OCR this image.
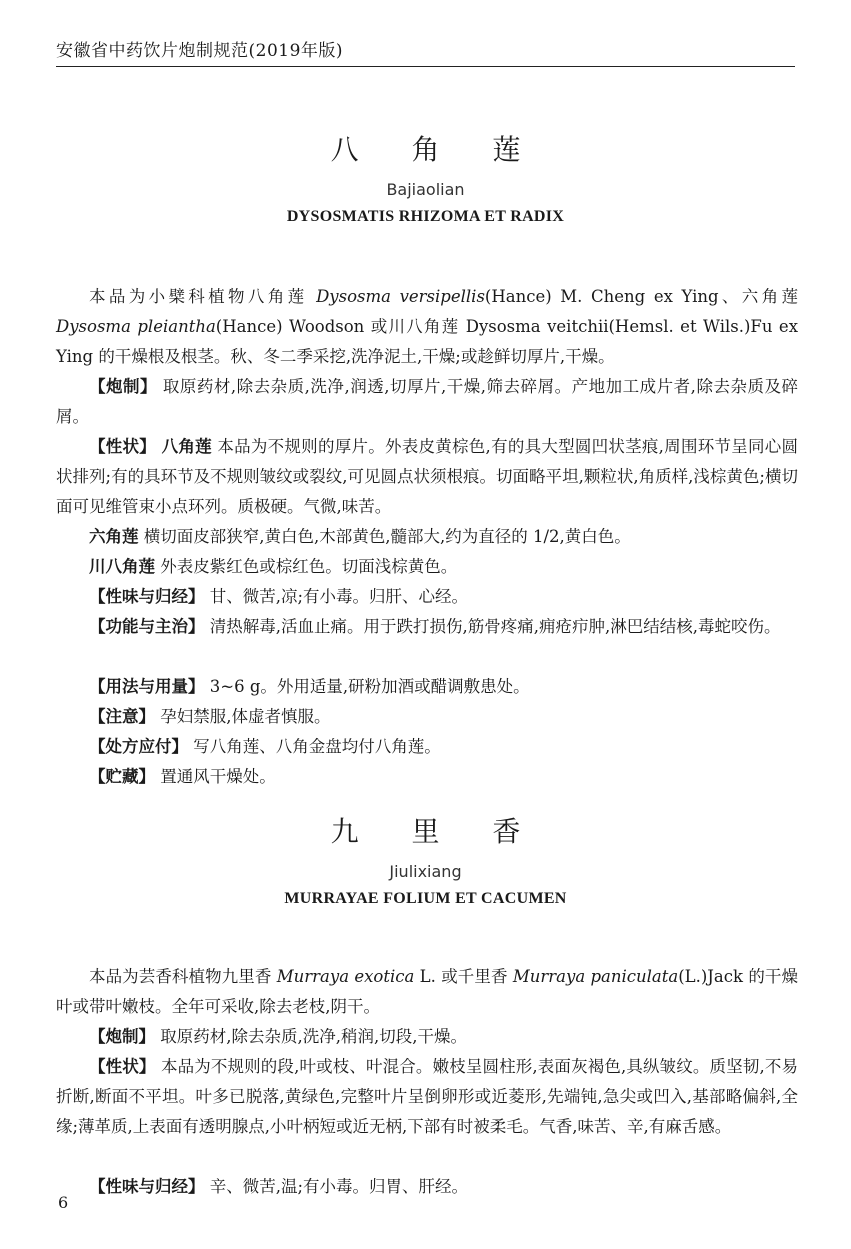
安徽省中药饮片炮制规范(2019年版)
八 角 莲
Bajiaolian
DYSOSMATIS RHIZOMA ET RADIX

本品为小檗科植物八角莲 Dysosma versipellis(Hance) M. Cheng ex Ying、六角莲 Dysosma pleiantha(Hance) Woodson 或川八角莲 Dysosma veitchii(Hemsl. et Wils.)Fu ex Ying 的干燥根及根茎。秋、冬二季采挖,洗净泥土,干燥;或趁鲜切厚片,干燥。

【炮制】 取原药材,除去杂质,洗净,润透,切厚片,干燥,筛去碎屑。产地加工成片者,除去杂质及碎屑。

【性状】 八角莲 本品为不规则的厚片。外表皮黄棕色,有的具大型圆凹状茎痕,周围环节呈同心圆状排列;有的具环节及不规则皱纹或裂纹,可见圆点状须根痕。切面略平坦,颗粒状,角质样,浅棕黄色;横切面可见维管束小点环列。质极硬。气微,味苦。

六角莲 横切面皮部狭窄,黄白色,木部黄色,髓部大,约为直径的 1/2,黄白色。

川八角莲 外表皮紫红色或棕红色。切面浅棕黄色。

【性味与归经】 甘、微苦,凉;有小毒。归肝、心经。

【功能与主治】 清热解毒,活血止痛。用于跌打损伤,筋骨疼痛,痈疮疖肿,淋巴结结核,毒蛇咬伤。

【用法与用量】 3~6 g。外用适量,研粉加酒或醋调敷患处。

【注意】 孕妇禁服,体虚者慎服。

【处方应付】 写八角莲、八角金盘均付八角莲。

【贮藏】 置通风干燥处。

九 里 香
Jiulixiang
MURRAYAE FOLIUM ET CACUMEN

本品为芸香科植物九里香 Murraya exotica L. 或千里香 Murraya paniculata(L.)Jack 的干燥叶或带叶嫩枝。全年可采收,除去老枝,阴干。

【炮制】 取原药材,除去杂质,洗净,稍润,切段,干燥。

【性状】 本品为不规则的段,叶或枝、叶混合。嫩枝呈圆柱形,表面灰褐色,具纵皱纹。质坚韧,不易折断,断面不平坦。叶多已脱落,黄绿色,完整叶片呈倒卵形或近菱形,先端钝,急尖或凹入,基部略偏斜,全缘;薄革质,上表面有透明腺点,小叶柄短或近无柄,下部有时被柔毛。气香,味苦、辛,有麻舌感。

【性味与归经】 辛、微苦,温;有小毒。归胃、肝经。

6
